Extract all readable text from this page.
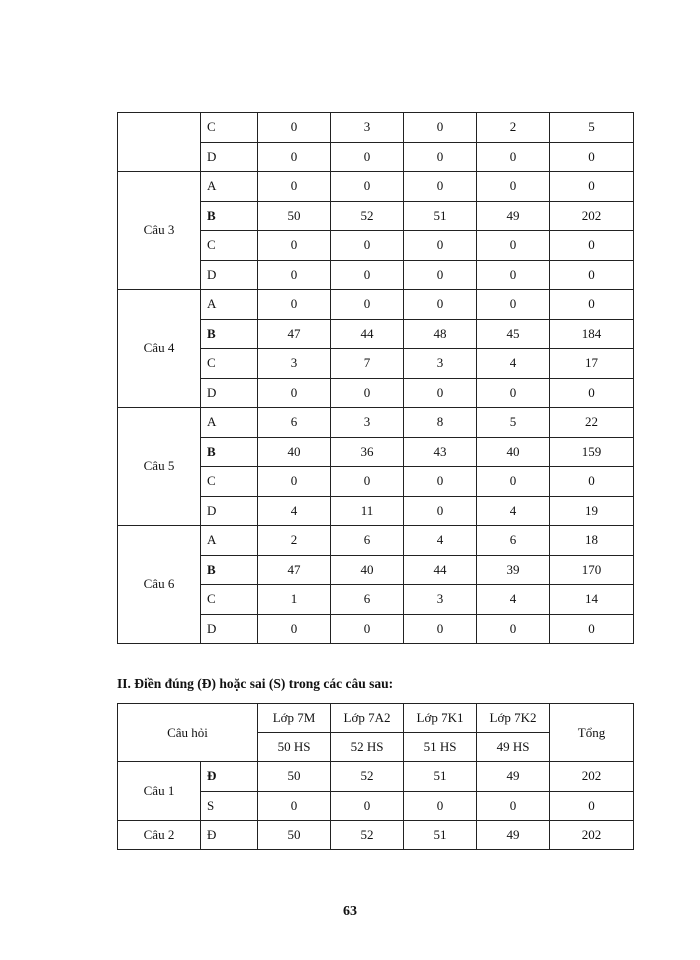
	C	0	3	0	2	5
	D	0	0	0	0	0
Câu 3	A	0	0	0	0	0
	B	50	52	51	49	202
	C	0	0	0	0	0
	D	0	0	0	0	0
Câu 4	A	0	0	0	0	0
	B	47	44	48	45	184
	C	3	7	3	4	17
	D	0	0	0	0	0
Câu 5	A	6	3	8	5	22
	B	40	36	43	40	159
	C	0	0	0	0	0
	D	4	11	0	4	19
Câu 6	A	2	6	4	6	18
	B	47	40	44	39	170
	C	1	6	3	4	14
	D	0	0	0	0	0
II. Điền đúng (Đ) hoặc sai (S) trong các câu sau:
Câu hỏi		Lớp 7M	Lớp 7A2	Lớp 7K1	Lớp 7K2	Tổng
		50 HS	52 HS	51 HS	49 HS	
Câu 1	Đ	50	52	51	49	202
	S	0	0	0	0	0
Câu 2	Đ	50	52	51	49	202
63
